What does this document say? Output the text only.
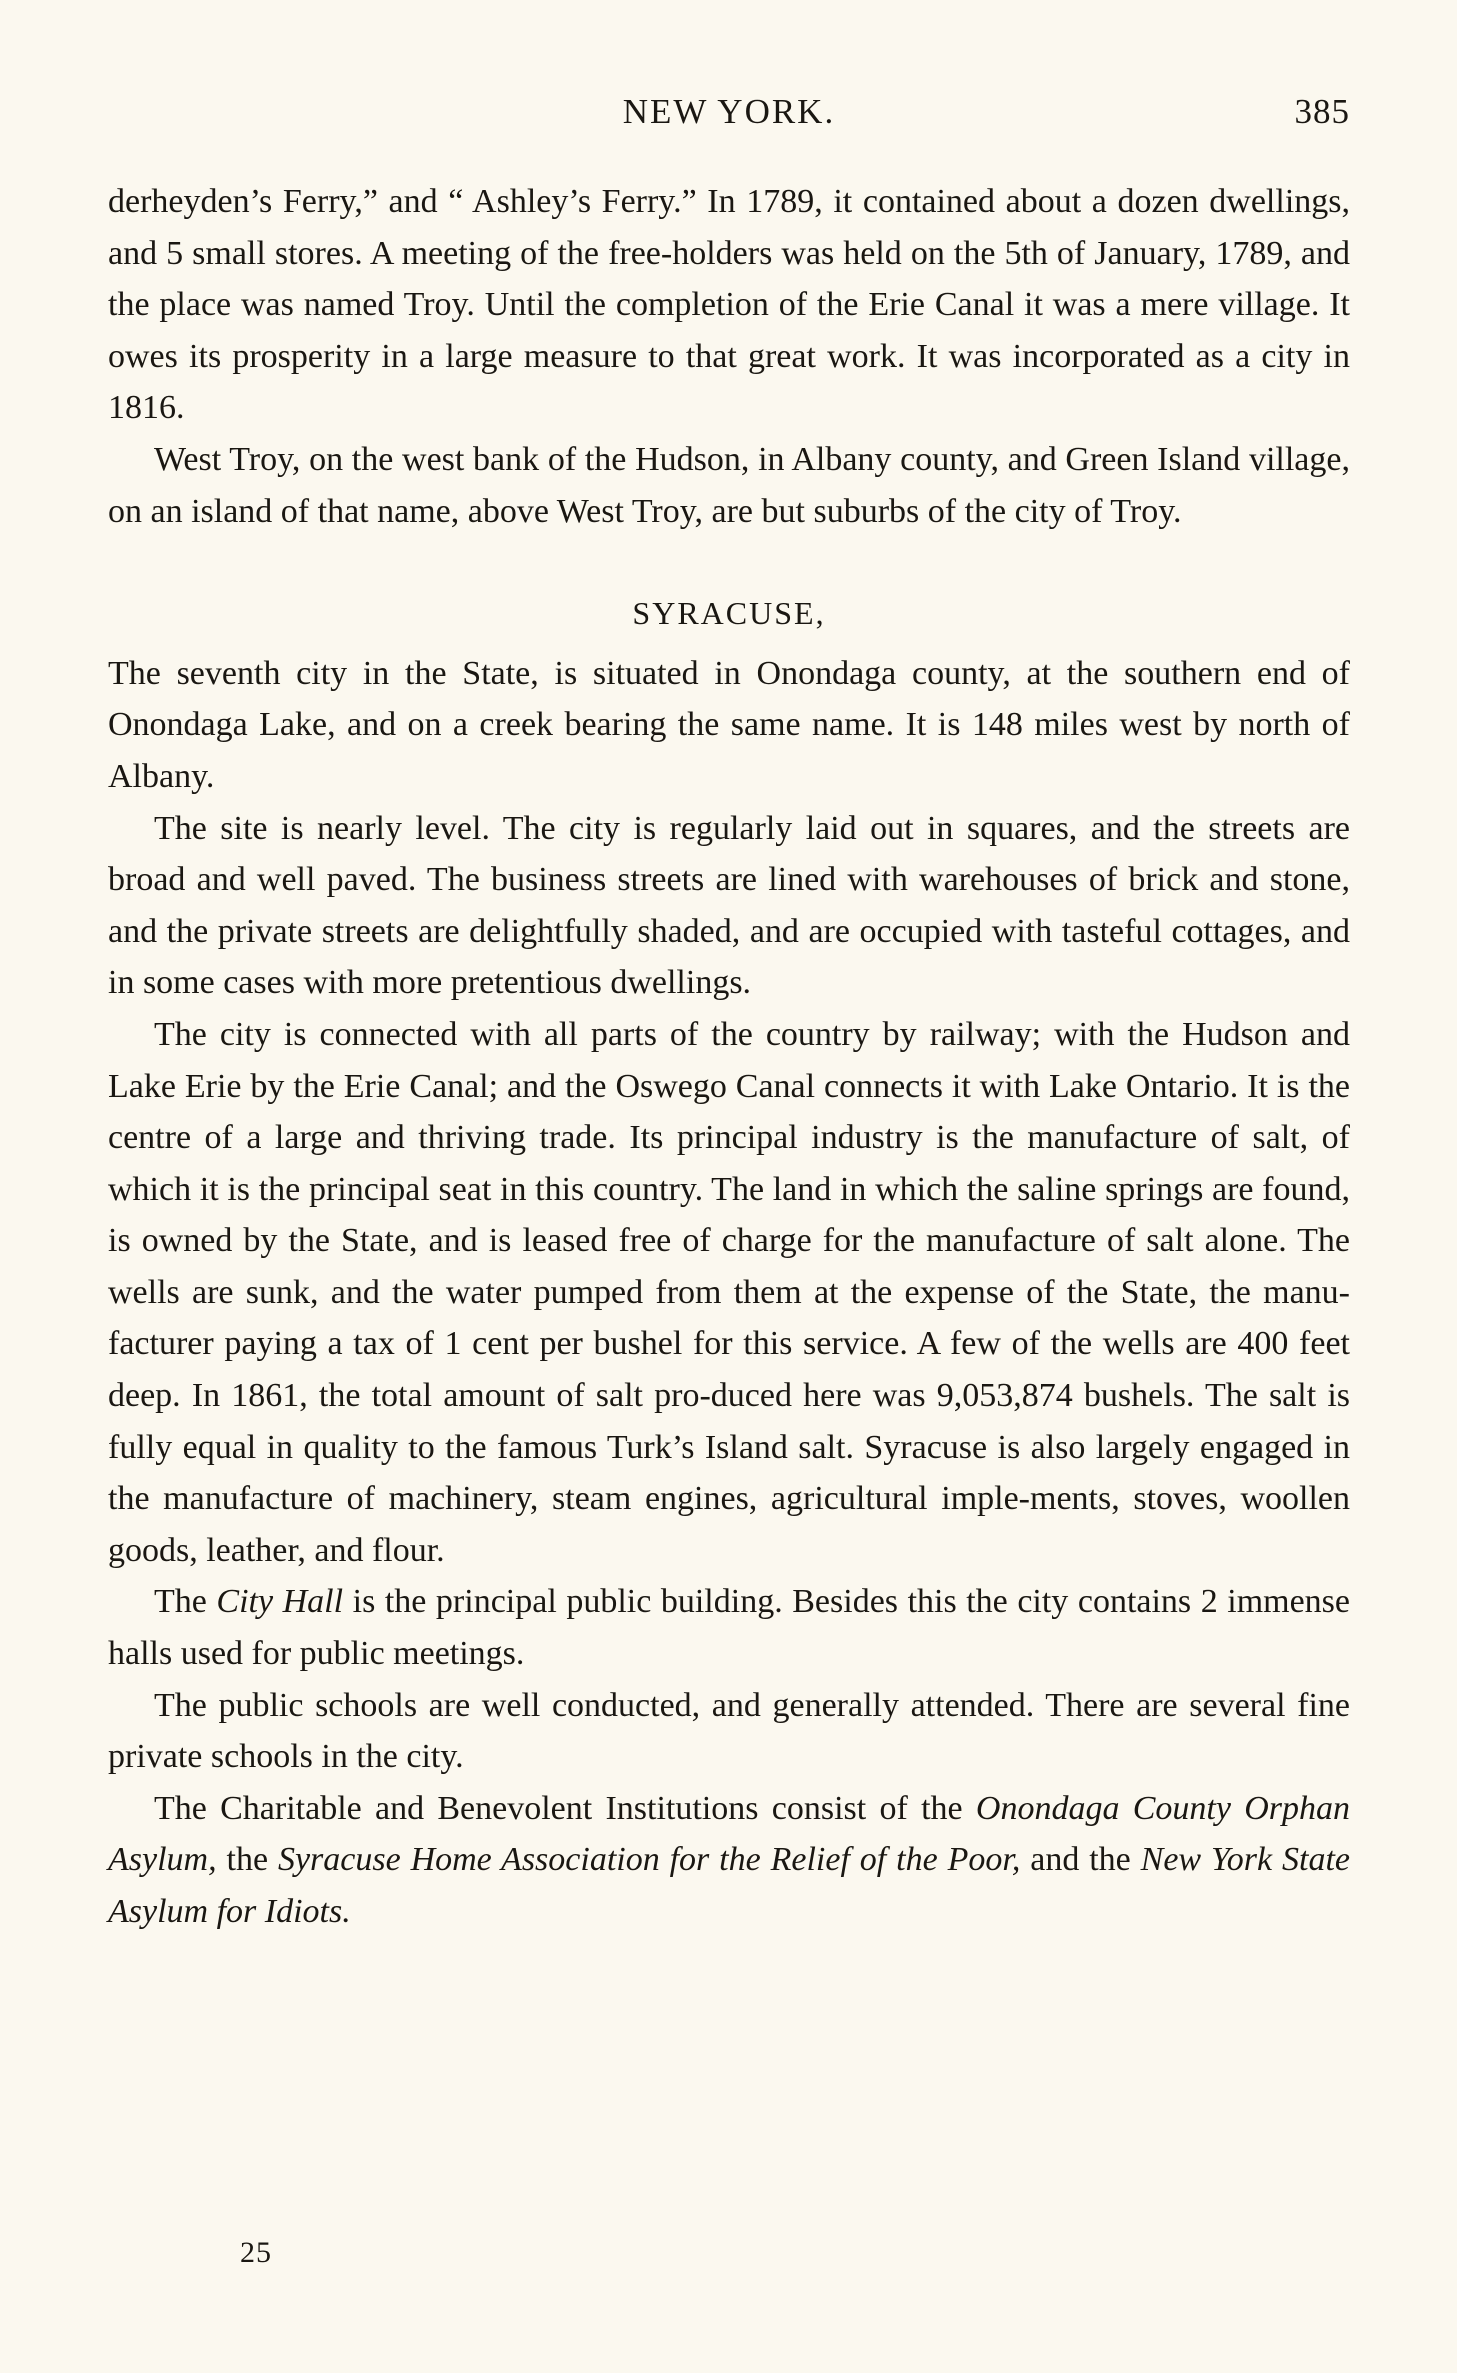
NEW YORK.	385

derheyden’s Ferry,” and “ Ashley’s Ferry.” In 1789, it contained about a dozen dwellings, and 5 small stores. A meeting of the free-holders was held on the 5th of January, 1789, and the place was named Troy. Until the completion of the Erie Canal it was a mere village. It owes its prosperity in a large measure to that great work. It was incorporated as a city in 1816.

West Troy, on the west bank of the Hudson, in Albany county, and Green Island village, on an island of that name, above West Troy, are but suburbs of the city of Troy.

SYRACUSE,

The seventh city in the State, is situated in Onondaga county, at the southern end of Onondaga Lake, and on a creek bearing the same name. It is 148 miles west by north of Albany.

The site is nearly level. The city is regularly laid out in squares, and the streets are broad and well paved. The business streets are lined with warehouses of brick and stone, and the private streets are delightfully shaded, and are occupied with tasteful cottages, and in some cases with more pretentious dwellings.

The city is connected with all parts of the country by railway; with the Hudson and Lake Erie by the Erie Canal; and the Oswego Canal connects it with Lake Ontario. It is the centre of a large and thriving trade. Its principal industry is the manufacture of salt, of which it is the principal seat in this country. The land in which the saline springs are found, is owned by the State, and is leased free of charge for the manufacture of salt alone. The wells are sunk, and the water pumped from them at the expense of the State, the manu-facturer paying a tax of 1 cent per bushel for this service. A few of the wells are 400 feet deep. In 1861, the total amount of salt pro-duced here was 9,053,874 bushels. The salt is fully equal in quality to the famous Turk’s Island salt. Syracuse is also largely engaged in the manufacture of machinery, steam engines, agricultural imple-ments, stoves, woollen goods, leather, and flour.

The City Hall is the principal public building. Besides this the city contains 2 immense halls used for public meetings.

The public schools are well conducted, and generally attended. There are several fine private schools in the city.

The Charitable and Benevolent Institutions consist of the Onondaga County Orphan Asylum, the Syracuse Home Association for the Relief of the Poor, and the New York State Asylum for Idiots.

25
